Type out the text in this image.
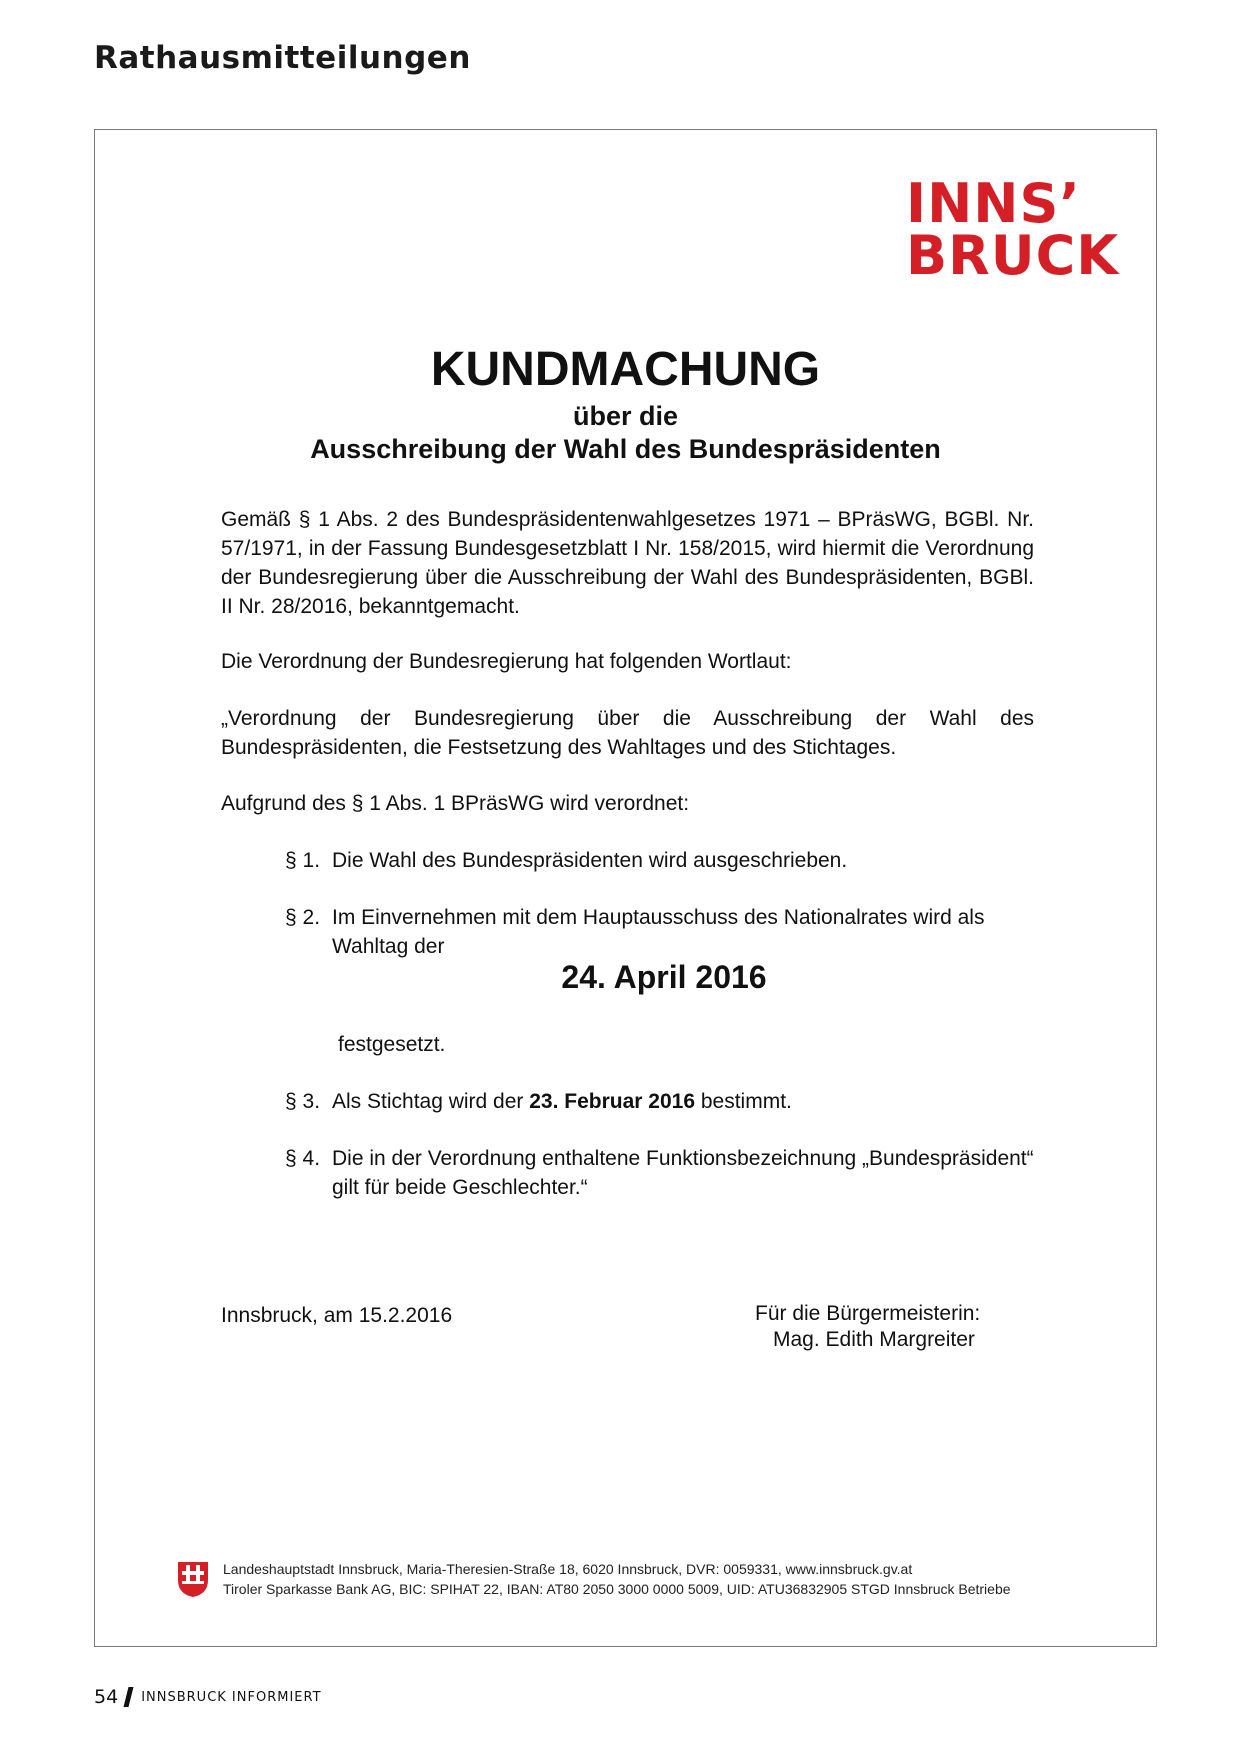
Rathausmitteilungen
INNS’
BRUCK
KUNDMACHUNG
über die
Ausschreibung der Wahl des Bundespräsidenten
Gemäß § 1 Abs. 2 des Bundespräsidentenwahlgesetzes 1971 – BPräsWG, BGBl. Nr. 57/1971, in der Fassung Bundesgesetzblatt I Nr. 158/2015, wird hiermit die Verordnung der Bundesregierung über die Ausschreibung der Wahl des Bundespräsidenten, BGBl. II Nr. 28/2016, bekanntgemacht.
Die Verordnung der Bundesregierung hat folgenden Wortlaut:
„Verordnung der Bundesregierung über die Ausschreibung der Wahl des Bundespräsidenten, die Festsetzung des Wahltages und des Stichtages.
Aufgrund des § 1 Abs. 1 BPräsWG wird verordnet:
§ 1. Die Wahl des Bundespräsidenten wird ausgeschrieben.
§ 2. Im Einvernehmen mit dem Hauptausschuss des Nationalrates wird als Wahltag der
24. April 2016
festgesetzt.
§ 3. Als Stichtag wird der 23. Februar 2016 bestimmt.
§ 4. Die in der Verordnung enthaltene Funktionsbezeichnung „Bundespräsident“ gilt für beide Geschlechter.“
Innsbruck, am 15.2.2016	Für die Bürgermeisterin:
Mag. Edith Margreiter
Landeshauptstadt Innsbruck, Maria-Theresien-Straße 18, 6020 Innsbruck, DVR: 0059331, www.innsbruck.gv.at
Tiroler Sparkasse Bank AG, BIC: SPIHAT 22, IBAN: AT80 2050 3000 0000 5009, UID: ATU36832905 STGD Innsbruck Betriebe
54 INNSBRUCK INFORMIERT
